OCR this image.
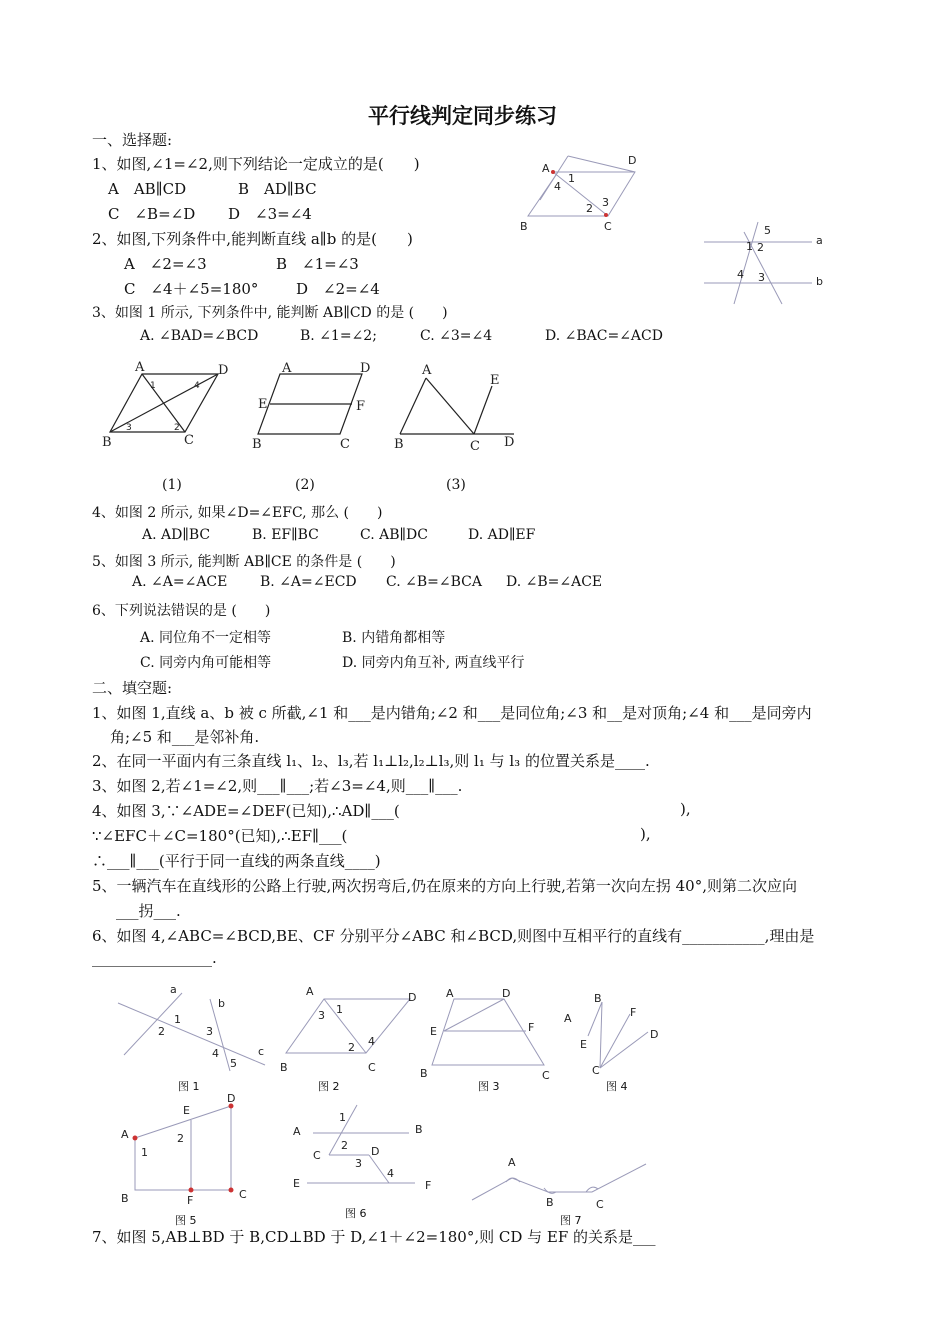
平行线判定同步练习
一、选择题:
1、如图,∠1=∠2,则下列结论一定成立的是(　　)
A　AB∥CD	B　AD∥BC
C　∠B=∠D D　∠3=∠4
2、如图,下列条件中,能判断直线 a∥b 的是(　　)
A　∠2=∠3	B　∠1=∠3
C　∠4＋∠5=180°	D　∠2=∠4
3、如图 1 所示, 下列条件中, 能判断 AB∥CD 的是 (　　)
A. ∠BAD=∠BCD	B. ∠1=∠2;	C. ∠3=∠4	D. ∠BAC=∠ACD
A
D
B	C
1
4
2 3
5
1 2
4 3
a
b
A	D
B	C
1	4
3	2
A	D
E	F
B	C
A
E
B	C D
(1)	(2)	(3)
4、如图 2 所示, 如果∠D=∠EFC, 那么 (　　)
A. AD∥BC	B. EF∥BC	C. AB∥DC	D. AD∥EF
5、如图 3 所示, 能判断 AB∥CE 的条件是 (　　)
A. ∠A=∠ACE B. ∠A=∠ECD C. ∠B=∠BCA D. ∠B=∠ACE
6、下列说法错误的是 (　　)
A. 同位角不一定相等	B. 内错角都相等
C. 同旁内角可能相等	D. 同旁内角互补, 两直线平行
二、填空题:
1、如图 1,直线 a、b 被 c 所截,∠1 和___是内错角;∠2 和___是同位角;∠3 和__是对顶角;∠4 和___是同旁内
角;∠5 和___是邻补角.
2、在同一平面内有三条直线 l₁、l₂、l₃,若 l₁⊥l₂,l₂⊥l₃,则 l₁ 与 l₃ 的位置关系是____.
3、如图 2,若∠1=∠2,则___∥___;若∠3=∠4,则___∥___.
4、如图 3,∵∠ADE=∠DEF(已知),∴AD∥___(	),
∵∠EFC＋∠C=180°(已知),∴EF∥___(	),
∴___∥___(平行于同一直线的两条直线____)
5、一辆汽车在直线形的公路上行驶,两次拐弯后,仍在原来的方向上行驶,若第一次向左拐 40°,则第二次应向
___拐___.
6、如图 4,∠ABC=∠BCD,BE、CF 分别平分∠ABC 和∠BCD,则图中互相平行的直线有___________,理由是
________________.
a
b
c
1
2	3
4
5
A	D
B	C
3 1
2 4
A	D
E	F
B	C
B
A	F
D
E
C
图 1	图 2	图 3	图 4
A
E
D
1
2
B	F	C
1
A	B
2
C	D
3
4
E	F
A
B	C
图 5
图 6
图 7
7、如图 5,AB⊥BD 于 B,CD⊥BD 于 D,∠1＋∠2=180°,则 CD 与 EF 的关系是___
